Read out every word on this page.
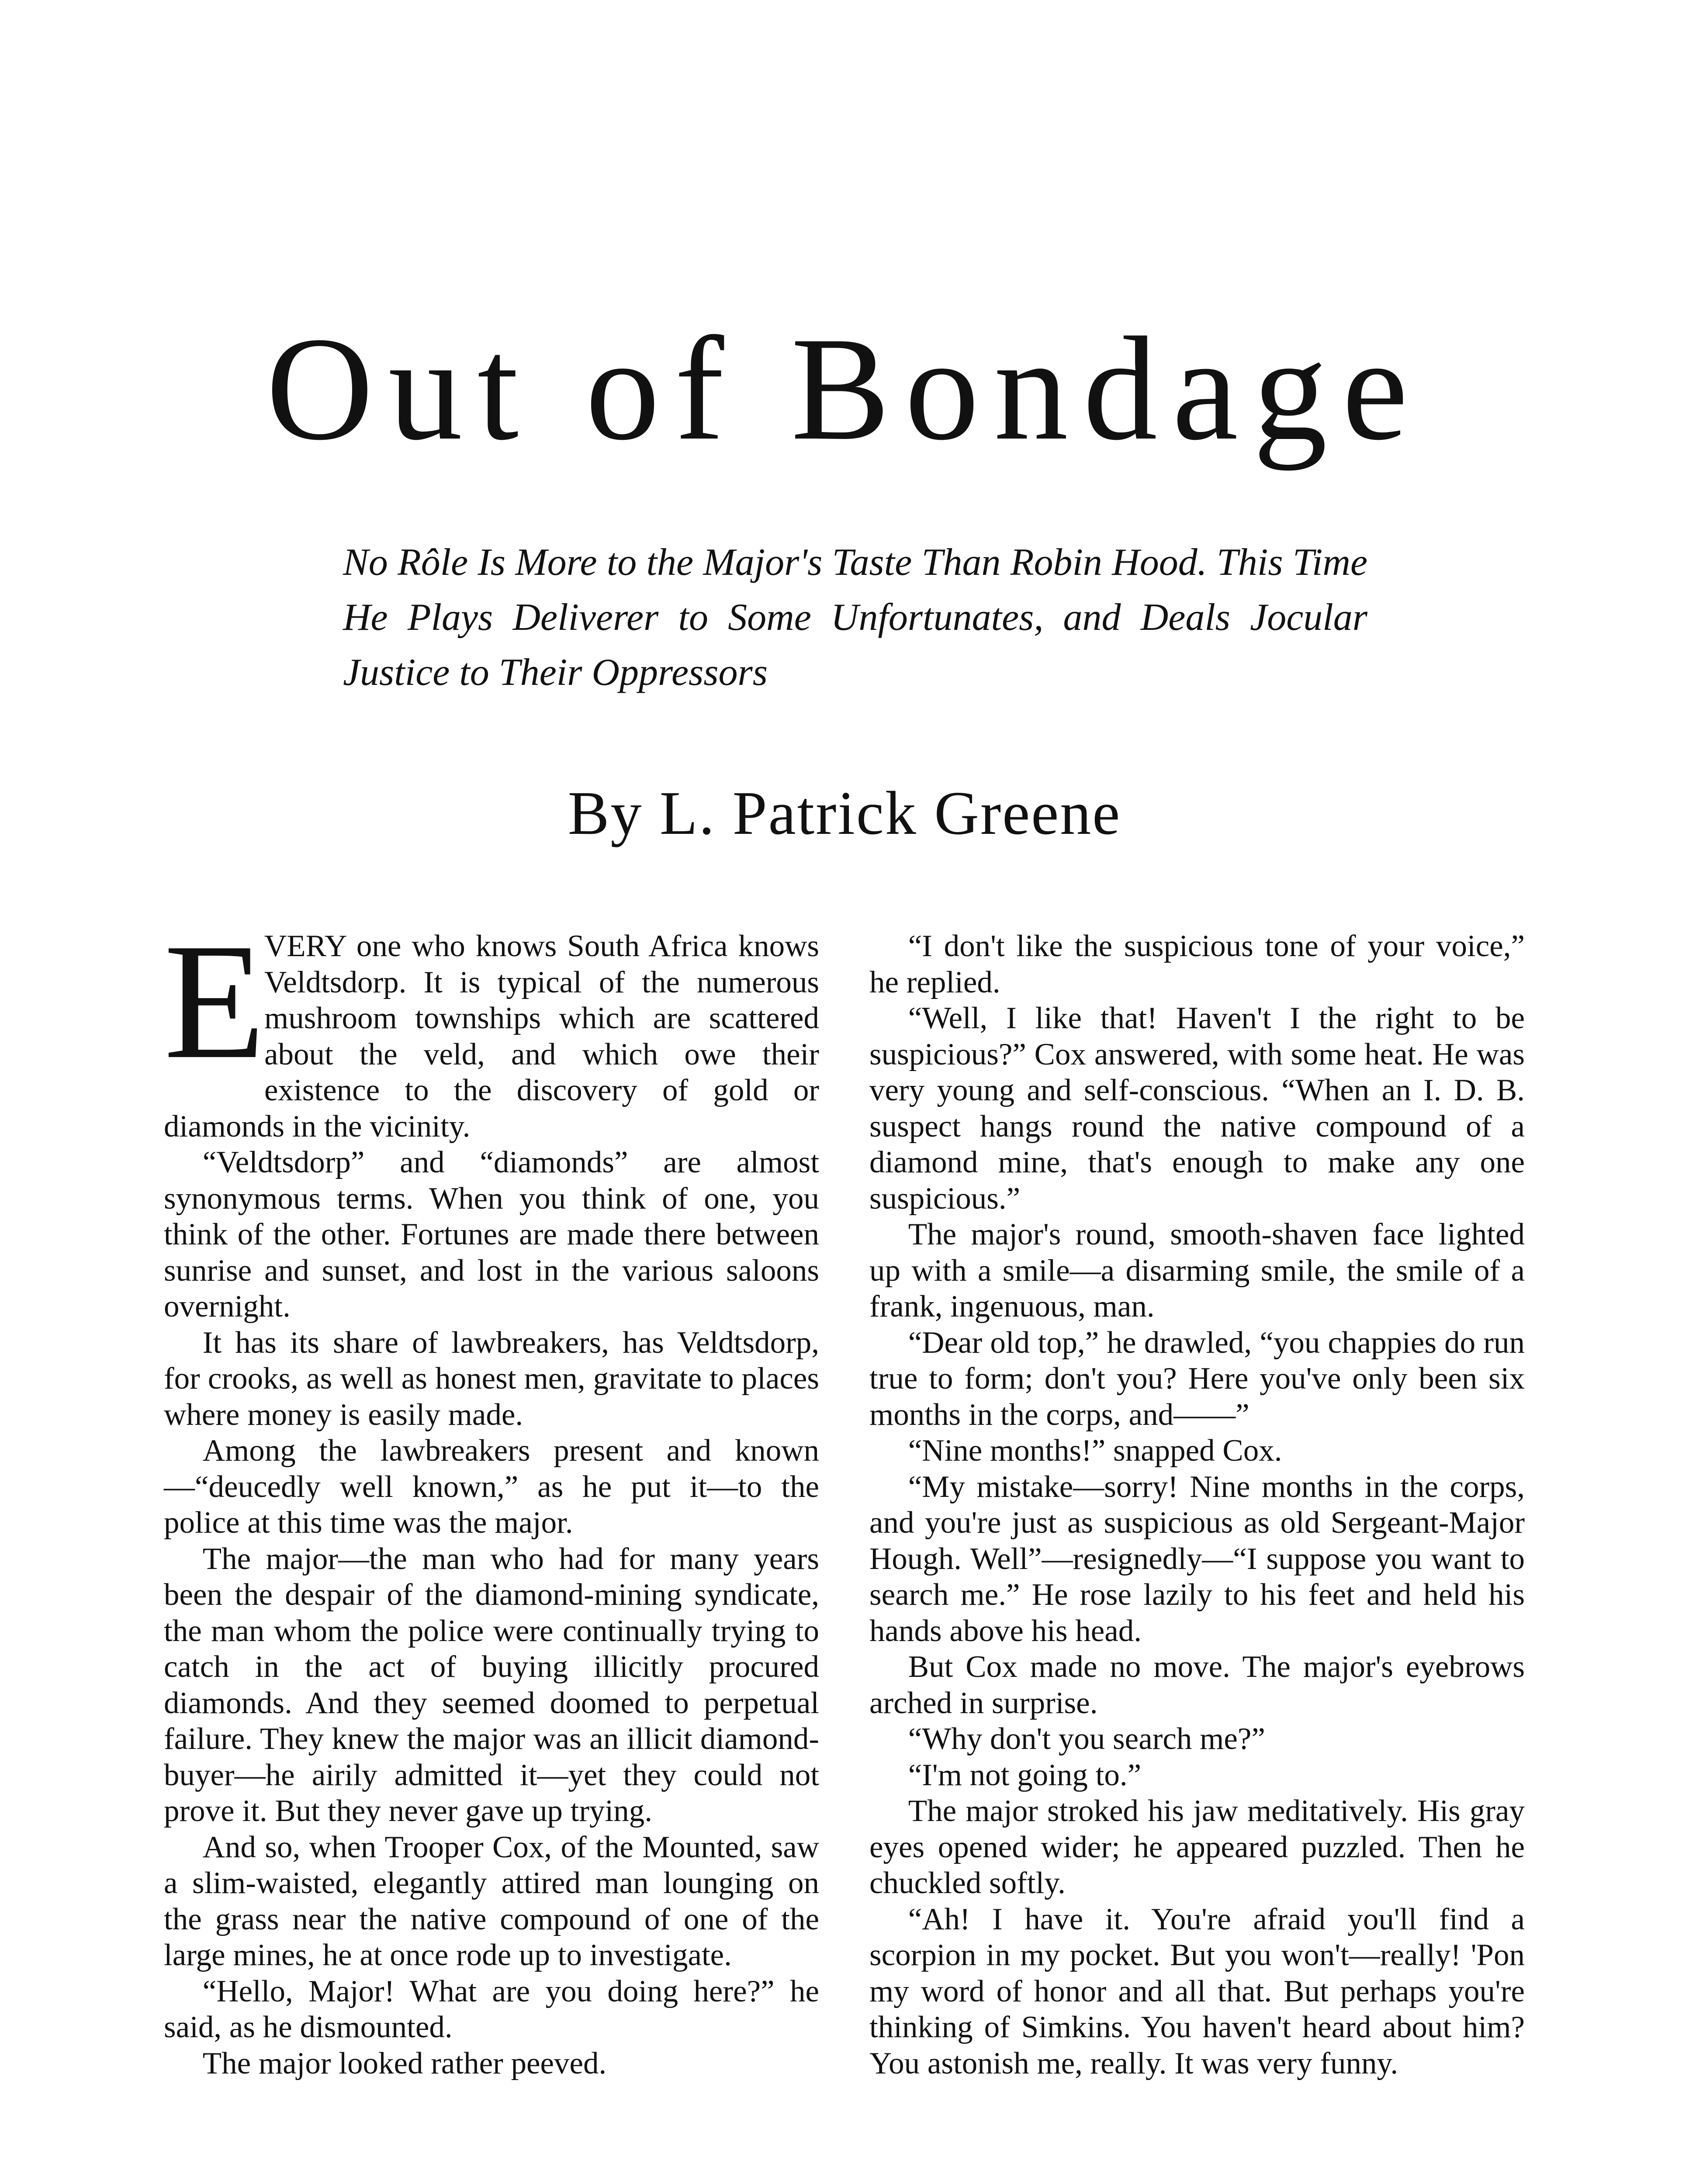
Out of Bondage

No Rôle Is More to the Major's Taste Than Robin Hood. This Time He Plays Deliverer to Some Unfortunates, and Deals Jocular Justice to Their Oppressors

By L. Patrick Greene

E
VERY one who knows South Africa knows Veldtsdorp. It is typical of the numerous mushroom townships which are scattered about the veld, and which owe their existence to the discovery of gold or diamonds in the vicinity.

“Veldtsdorp” and “diamonds” are almost synonymous terms. When you think of one, you think of the other. Fortunes are made there between sunrise and sunset, and lost in the various saloons overnight.

It has its share of lawbreakers, has Veldtsdorp, for crooks, as well as honest men, gravitate to places where money is easily made.

Among the lawbreakers present and known—“deucedly well known,” as he put it—to the police at this time was the major.

The major—the man who had for many years been the despair of the diamond-mining syndicate, the man whom the police were continually trying to catch in the act of buying illicitly procured diamonds. And they seemed doomed to perpetual failure. They knew the major was an illicit diamond-buyer—he airily admitted it—yet they could not prove it. But they never gave up trying.

And so, when Trooper Cox, of the Mounted, saw a slim-waisted, elegantly attired man lounging on the grass near the native compound of one of the large mines, he at once rode up to investigate.

“Hello, Major! What are you doing here?” he said, as he dismounted.

The major looked rather peeved.

“I don't like the suspicious tone of your voice,” he replied.

“Well, I like that! Haven't I the right to be suspicious?” Cox answered, with some heat. He was very young and self-conscious. “When an I. D. B. suspect hangs round the native compound of a diamond mine, that's enough to make any one suspicious.”

The major's round, smooth-shaven face lighted up with a smile—a disarming smile, the smile of a frank, ingenuous, man.

“Dear old top,” he drawled, “you chappies do run true to form; don't you? Here you've only been six months in the corps, and——”

“Nine months!” snapped Cox.

“My mistake—sorry! Nine months in the corps, and you're just as suspicious as old Sergeant-Major Hough. Well”—resignedly—“I suppose you want to search me.” He rose lazily to his feet and held his hands above his head.

But Cox made no move. The major's eyebrows arched in surprise.

“Why don't you search me?”

“I'm not going to.”

The major stroked his jaw meditatively. His gray eyes opened wider; he appeared puzzled. Then he chuckled softly.

“Ah! I have it. You're afraid you'll find a scorpion in my pocket. But you won't—really! 'Pon my word of honor and all that. But perhaps you're thinking of Simkins. You haven't heard about him? You astonish me, really. It was very funny.
